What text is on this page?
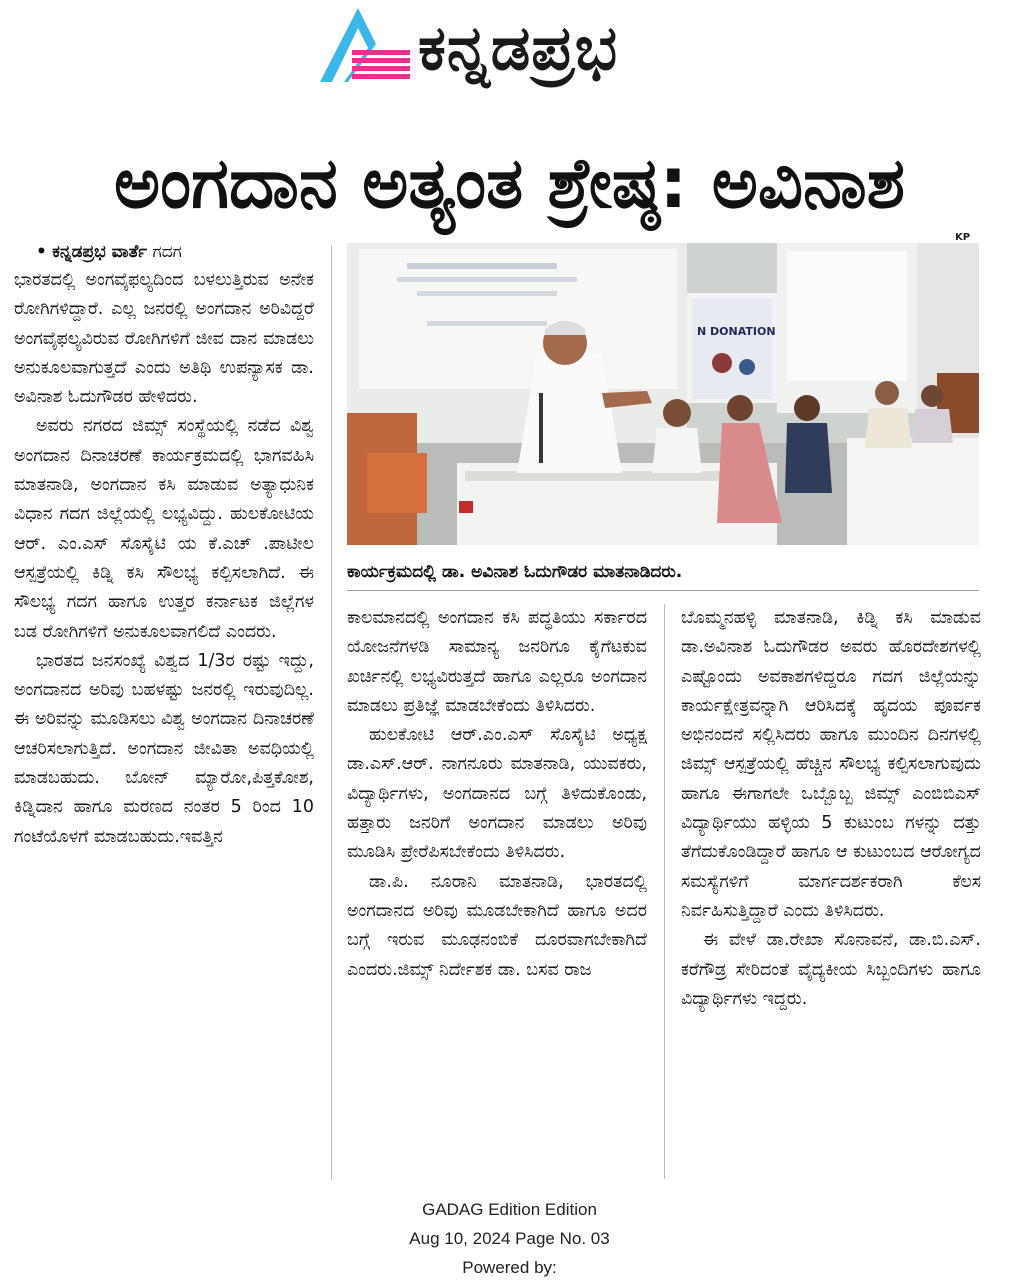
ಕನ್ನಡಪ್ರಭ
ಅಂಗದಾನ ಅತ್ಯಂತ ಶ್ರೇಷ್ಠ: ಅವಿನಾಶ

• ಕನ್ನಡಪ್ರಭ ವಾರ್ತೆ ಗದಗ

ಭಾರತದಲ್ಲಿ ಅಂಗವೈಫಲ್ಯದಿಂದ ಬಳಲುತ್ತಿರುವ ಅನೇಕ ರೋಗಿಗಳಿದ್ದಾರೆ. ಎಲ್ಲ ಜನರಲ್ಲಿ ಅಂಗದಾನ ಅರಿವಿದ್ದರೆ ಅಂಗವೈಫಲ್ಯವಿರುವ ರೋಗಿಗಳಿಗೆ ಜೀವ ದಾನ ಮಾಡಲು ಅನುಕೂಲವಾಗುತ್ತದೆ ಎಂದು ಅತಿಥಿ ಉಪನ್ಯಾಸಕ ಡಾ. ಅವಿನಾಶ ಓದುಗೌಡರ ಹೇಳಿದರು.

ಅವರು ನಗರದ ಜಿಮ್ಸ್ ಸಂಸ್ಥೆಯಲ್ಲಿ ನಡೆದ ವಿಶ್ವ ಅಂಗದಾನ ದಿನಾಚರಣೆ ಕಾರ್ಯಕ್ರಮದಲ್ಲಿ ಭಾಗವಹಿಸಿ ಮಾತನಾಡಿ, ಅಂಗದಾನ ಕಸಿ ಮಾಡುವ ಅತ್ಯಾಧುನಿಕ ವಿಧಾನ ಗದಗ ಜಿಲ್ಲೆಯಲ್ಲಿ ಲಭ್ಯವಿದ್ದು. ಹುಲಕೋಟಿಯ ಆರ್. ಎಂ.ಎಸ್ ಸೊಸೈಟಿ ಯ ಕೆ.ಎಚ್ .ಪಾಟೀಲ ಆಸ್ಪತ್ರೆಯಲ್ಲಿ ಕಿಡ್ನಿ ಕಸಿ ಸೌಲಭ್ಯ ಕಲ್ಪಿಸಲಾಗಿದೆ. ಈ ಸೌಲಭ್ಯ ಗದಗ ಹಾಗೂ ಉತ್ತರ ಕರ್ನಾಟಕ ಜಿಲ್ಲೆಗಳ ಬಡ ರೋಗಿಗಳಿಗೆ ಅನುಕೂಲವಾಗಲಿದೆ ಎಂದರು.

ಭಾರತದ ಜನಸಂಖ್ಯೆ ವಿಶ್ವದ 1/3ರ ರಷ್ಟು ಇದ್ದು, ಅಂಗದಾನದ ಅರಿವು ಬಹಳಷ್ಟು ಜನರಲ್ಲಿ ಇರುವುದಿಲ್ಲ. ಈ ಅರಿವನ್ನು ಮೂಡಿಸಲು ವಿಶ್ವ ಅಂಗದಾನ ದಿನಾಚರಣೆ ಆಚರಿಸಲಾಗುತ್ತಿದೆ. ಅಂಗದಾನ ಜೀವಿತಾ ಅವಧಿಯಲ್ಲಿ ಮಾಡಬಹುದು. ಬೋನ್ ಮ್ಯಾರೋ,ಪಿತ್ತಕೋಶ, ಕಿಡ್ನಿದಾನ ಹಾಗೂ ಮರಣದ ನಂತರ 5 ರಿಂದ 10 ಗಂಟೆಯೊಳಗೆ ಮಾಡಬಹುದು.ಇವತ್ತಿನ

KP
N DONATION
ಕಾರ್ಯಕ್ರಮದಲ್ಲಿ ಡಾ. ಅವಿನಾಶ ಓದುಗೌಡರ ಮಾತನಾಡಿದರು.

ಕಾಲಮಾನದಲ್ಲಿ ಅಂಗದಾನ ಕಸಿ ಪದ್ಧತಿಯು ಸರ್ಕಾರದ ಯೋಜನೆಗಳಡಿ ಸಾಮಾನ್ಯ ಜನರಿಗೂ ಕೈಗೆಟಕುವ ಖರ್ಚಿನಲ್ಲಿ ಲಭ್ಯವಿರುತ್ತದೆ ಹಾಗೂ ಎಲ್ಲರೂ ಅಂಗದಾನ ಮಾಡಲು ಪ್ರತಿಜ್ಞೆ ಮಾಡಬೇಕೆಂದು ತಿಳಿಸಿದರು.

ಹುಲಕೋಟಿ ಆರ್.ಎಂ.ಎಸ್ ಸೊಸೈಟಿ ಅಧ್ಯಕ್ಷ ಡಾ.ಎಸ್.ಆರ್. ನಾಗನೂರು ಮಾತನಾಡಿ, ಯುವಕರು, ವಿದ್ಯಾರ್ಥಿಗಳು, ಅಂಗದಾನದ ಬಗ್ಗೆ ತಿಳಿದುಕೊಂಡು, ಹತ್ತಾರು ಜನರಿಗೆ ಅಂಗದಾನ ಮಾಡಲು ಅರಿವು ಮೂಡಿಸಿ ಪ್ರೇರೆಪಿಸಬೇಕೆಂದು ತಿಳಿಸಿದರು.

ಡಾ.ಪಿ. ನೂರಾನಿ ಮಾತನಾಡಿ, ಭಾರತದಲ್ಲಿ ಅಂಗದಾನದ ಅರಿವು ಮೂಡಬೇಕಾಗಿದೆ ಹಾಗೂ ಅದರ ಬಗ್ಗೆ ಇರುವ ಮೂಢನಂಬಿಕೆ ದೂರವಾಗಬೇಕಾಗಿದೆ ಎಂದರು.ಜಿಮ್ಸ್ ನಿರ್ದೇಶಕ ಡಾ. ಬಸವ ರಾಜ

ಬೊಮ್ಮನಹಳ್ಳಿ ಮಾತನಾಡಿ, ಕಿಡ್ನಿ ಕಸಿ ಮಾಡುವ ಡಾ.ಅವಿನಾಶ ಓದುಗೌಡರ ಅವರು ಹೊರದೇಶಗಳಲ್ಲಿ ಎಷ್ಟೊಂದು ಅವಕಾಶಗಳಿದ್ದರೂ ಗದಗ ಜಿಲ್ಲೆಯನ್ನು ಕಾರ್ಯಕ್ಷೇತ್ರವನ್ನಾಗಿ ಆರಿಸಿದಕ್ಕೆ ಹೃದಯ ಪೂರ್ವಕ ಅಭಿನಂದನೆ ಸಲ್ಲಿಸಿದರು ಹಾಗೂ ಮುಂದಿನ ದಿನಗಳಲ್ಲಿ ಜಿಮ್ಸ್ ಆಸ್ಪತ್ರೆಯಲ್ಲಿ ಹೆಚ್ಚಿನ ಸೌಲಭ್ಯ ಕಲ್ಪಿಸಲಾಗುವುದು ಹಾಗೂ ಈಗಾಗಲೇ ಒಬ್ಬೊಬ್ಬ ಜಿಮ್ಸ್ ಎಂಬಿಬಿಎಸ್ ವಿದ್ಯಾರ್ಥಿಯು ಹಳ್ಳಿಯ 5 ಕುಟುಂಬ ಗಳನ್ನು ದತ್ತು ತೆಗೆದುಕೊಂಡಿದ್ದಾರೆ ಹಾಗೂ ಆ ಕುಟುಂಬದ ಆರೋಗ್ಯದ ಸಮಸ್ಯೆಗಳಿಗೆ ಮಾರ್ಗದರ್ಶಕರಾಗಿ ಕೆಲಸ ನಿರ್ವಹಿಸುತ್ತಿದ್ದಾರೆ ಎಂದು ತಿಳಿಸಿದರು.

ಈ ವೇಳೆ ಡಾ.ರೇಖಾ ಸೊನಾವನೆ, ಡಾ.ಬಿ.ಎಸ್. ಕರೆಗೌಡ್ರ ಸೇರಿದಂತೆ ವೈದ್ಯಕೀಯ ಸಿಬ್ಬಂದಿಗಳು ಹಾಗೂ ವಿದ್ಯಾರ್ಥಿಗಳು ಇದ್ದರು.

GADAG Edition Edition
Aug 10, 2024 Page No. 03
Powered by:
